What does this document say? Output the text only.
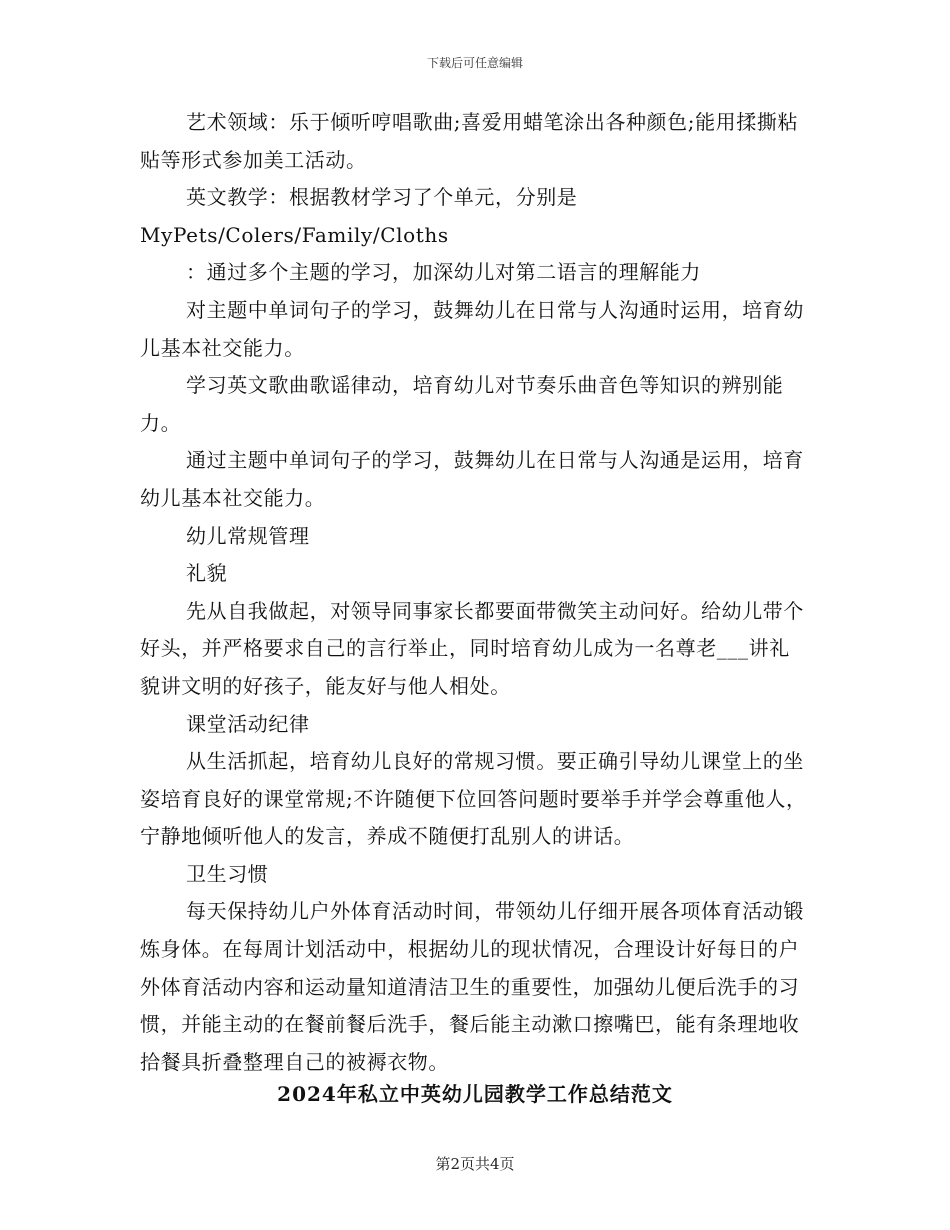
下载后可任意编辑

艺术领域：乐于倾听哼唱歌曲;喜爱用蜡笔涂出各种颜色;能用揉撕粘贴等形式参加美工活动。

英文教学：根据教材学习了个单元，分别是MyPets/Colers/Family/Cloths

：通过多个主题的学习，加深幼儿对第二语言的理解能力

对主题中单词句子的学习，鼓舞幼儿在日常与人沟通时运用，培育幼儿基本社交能力。

学习英文歌曲歌谣律动，培育幼儿对节奏乐曲音色等知识的辨别能力。

通过主题中单词句子的学习，鼓舞幼儿在日常与人沟通是运用，培育幼儿基本社交能力。

幼儿常规管理

礼貌

先从自我做起，对领导同事家长都要面带微笑主动问好。给幼儿带个好头，并严格要求自己的言行举止，同时培育幼儿成为一名尊老___讲礼貌讲文明的好孩子，能友好与他人相处。

课堂活动纪律

从生活抓起，培育幼儿良好的常规习惯。要正确引导幼儿课堂上的坐姿培育良好的课堂常规;不许随便下位回答问题时要举手并学会尊重他人，宁静地倾听他人的发言，养成不随便打乱别人的讲话。

卫生习惯

每天保持幼儿户外体育活动时间，带领幼儿仔细开展各项体育活动锻炼身体。在每周计划活动中，根据幼儿的现状情况，合理设计好每日的户外体育活动内容和运动量知道清洁卫生的重要性，加强幼儿便后洗手的习惯，并能主动的在餐前餐后洗手，餐后能主动漱口擦嘴巴，能有条理地收拾餐具折叠整理自己的被褥衣物。

2024年私立中英幼儿园教学工作总结范文
第2页共4页
